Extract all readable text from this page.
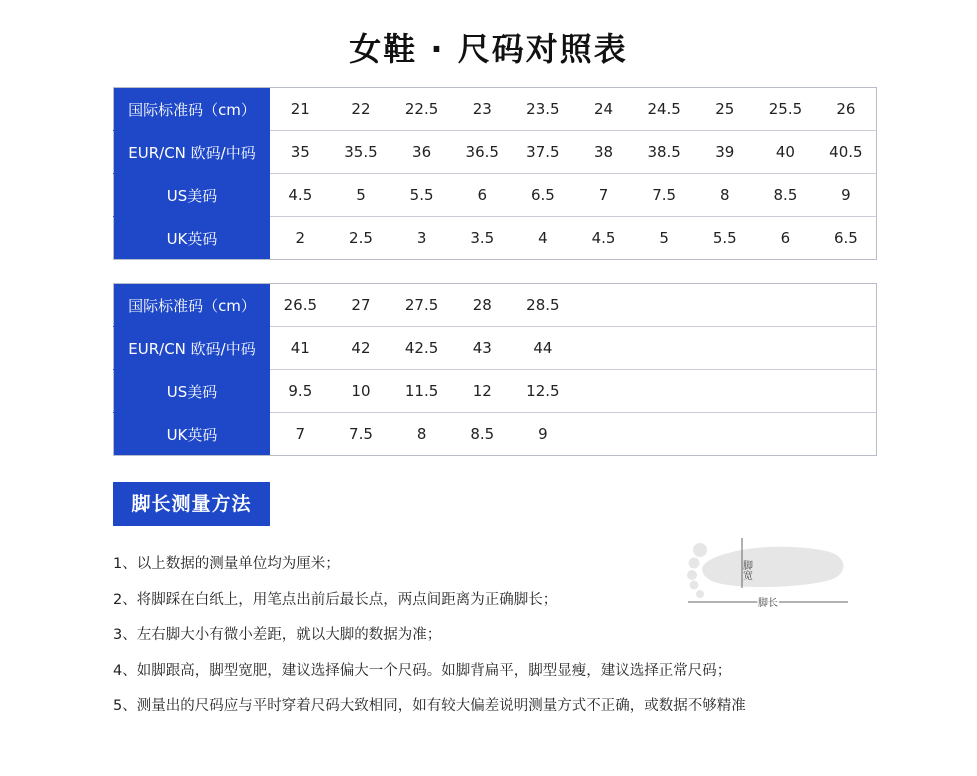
女鞋 · 尺码对照表
国际标准码（cm）	21	22	22.5	23	23.5	24	24.5	25	25.5	26
EUR/CN 欧码/中码	35	35.5	36	36.5	37.5	38	38.5	39	40	40.5
US美码	4.5	5	5.5	6	6.5	7	7.5	8	8.5	9
UK英码	2	2.5	3	3.5	4	4.5	5	5.5	6	6.5
国际标准码（cm）	26.5	27	27.5	28	28.5					
EUR/CN 欧码/中码	41	42	42.5	43	44					
US美码	9.5	10	11.5	12	12.5					
UK英码	7	7.5	8	8.5	9					
脚长测量方法
1、以上数据的测量单位均为厘米；
2、将脚踩在白纸上，用笔点出前后最长点，两点间距离为正确脚长；
3、左右脚大小有微小差距，就以大脚的数据为准；
4、如脚跟高，脚型宽肥，建议选择偏大一个尺码。如脚背扁平，脚型显瘦，建议选择正常尺码；
5、测量出的尺码应与平时穿着尺码大致相同，如有较大偏差说明测量方式不正确，或数据不够精准
脚宽
脚长
